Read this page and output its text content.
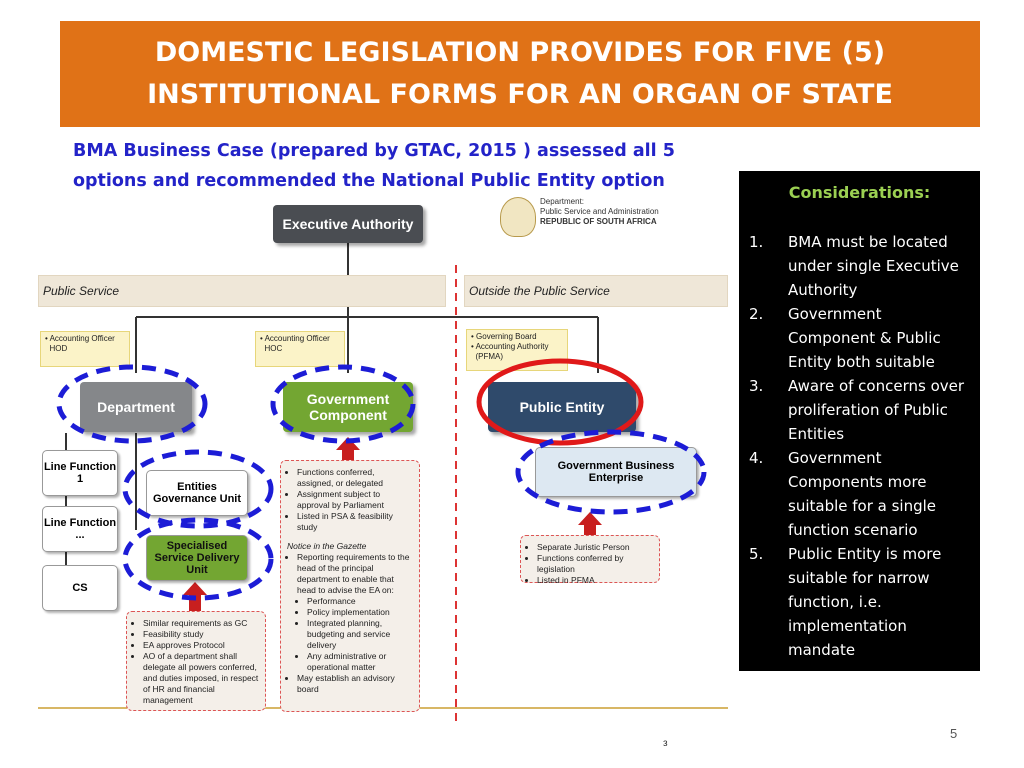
DOMESTIC LEGISLATION PROVIDES FOR FIVE (5) INSTITUTIONAL FORMS FOR AN ORGAN OF STATE
BMA Business Case (prepared by GTAC, 2015 ) assessed all 5
options and recommended the National Public Entity option
Department:
Public Service and Administration
REPUBLIC OF SOUTH AFRICA
Executive Authority
Public Service	Outside the Public Service
• Accounting Officer
HOD
• Accounting Officer
HOC
• Governing Board
• Accounting Authority
(PFMA)
Department	Government Component	Public Entity
Government Business Enterprise
Line Function 1
Line Function ...
CS
Entities Governance Unit
Specialised Service Delivery Unit
• Functions conferred, assigned, or delegated
• Assignment subject to approval by Parliament
• Listed in PSA & feasibility study
Notice in the Gazette
• Reporting requirements to the head of the principal department to enable that head to advise the EA on:
• Performance
• Policy implementation
• Integrated planning, budgeting and service delivery
• Any administrative or operational matter
• May establish an advisory board
• Similar requirements as GC
• Feasibility study
• EA approves Protocol
• AO of a department shall delegate all powers conferred, and duties imposed, in respect of HR and financial management
• Separate Juristic Person
• Functions conferred by legislation
• Listed in PFMA
Considerations:
1.	BMA must be located under single Executive Authority
2.	Government Component & Public Entity both suitable
3.	Aware of concerns over proliferation of Public Entities
4.	Government Components more suitable for a single function scenario
5.	Public Entity is more suitable for narrow function, i.e. implementation mandate
з
5
